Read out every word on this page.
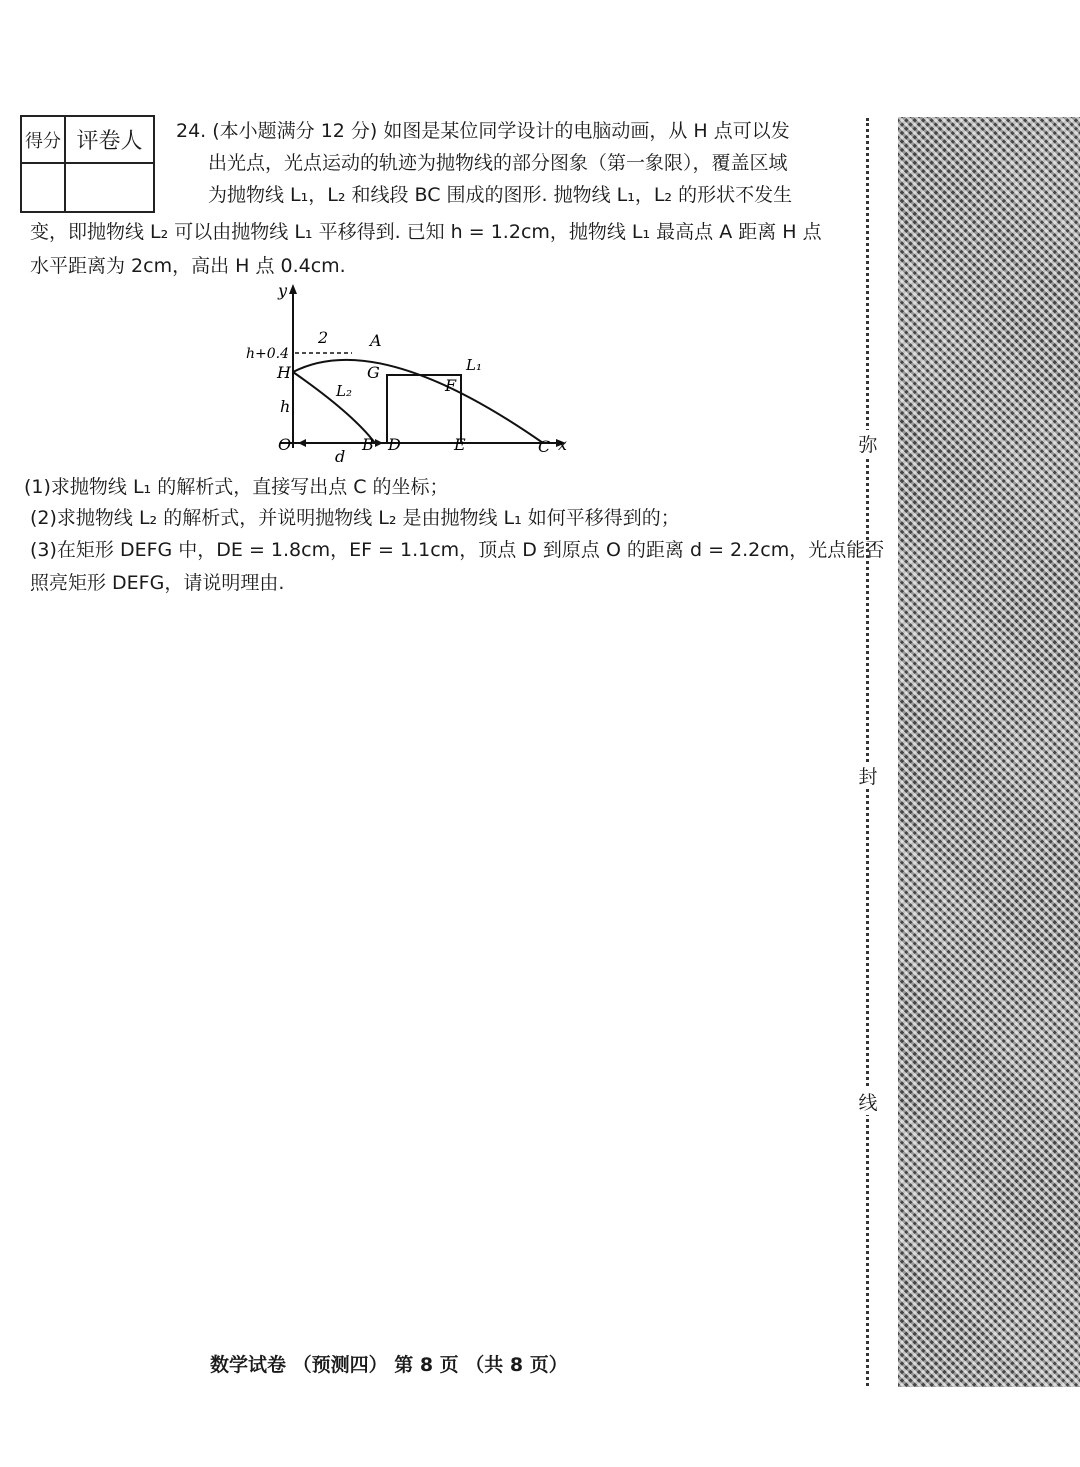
得分	评卷人
	24. (本小题满分 12 分) 如图是某位同学设计的电脑动画，从 H 点可以发
出光点，光点运动的轨迹为抛物线的部分图象（第一象限），覆盖区域
为抛物线 L₁，L₂ 和线段 BC 围成的图形. 抛物线 L₁，L₂ 的形状不发生
变，即抛物线 L₂ 可以由抛物线 L₁ 平移得到. 已知 h = 1.2cm，抛物线 L₁ 最高点 A 距离 H 点
水平距离为 2cm，高出 H 点 0.4cm.
y
x
O
H
h
h+0.4
2	A
L₁
L₂
G
F
B D	E	C
d
(1)求抛物线 L₁ 的解析式，直接写出点 C 的坐标；
(2)求抛物线 L₂ 的解析式，并说明抛物线 L₂ 是由抛物线 L₁ 如何平移得到的；
(3)在矩形 DEFG 中，DE = 1.8cm，EF = 1.1cm，顶点 D 到原点 O 的距离 d = 2.2cm，光点能否
照亮矩形 DEFG，请说明理由.
弥
封
线
数学试卷 （预测四） 第 8 页 （共 8 页）
